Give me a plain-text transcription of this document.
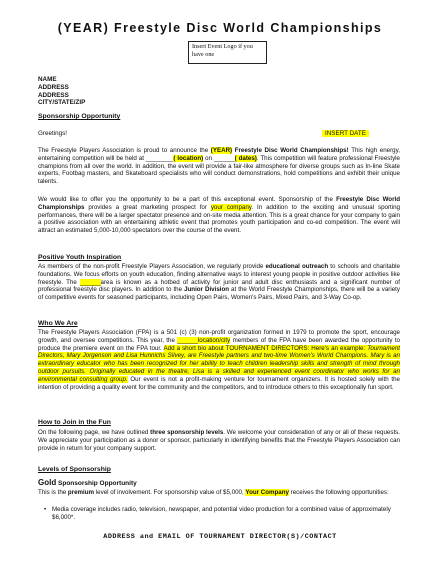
(YEAR) Freestyle Disc World Championships
Insert Event Logo if you have one
NAME
ADDRESS
ADDRESS
CITY/STATE/ZIP
Sponsorship Opportunity
Greetings!	INSERT DATE
The Freestyle Players Association is proud to announce the (YEAR) Freestyle Disc World Championships! This high energy, entertaining competition will be held at ________( location) on ______( dates). This competition will feature professional Freestyle champions from all over the world. In addition, the event will provide a fair-like atmosphere for diverse groups such as In-line Skate experts, Footbag masters, and Skateboard specialists who will conduct demonstrations, hold competitions and exhibit their unique talents.
We would like to offer you the opportunity to be a part of this exceptional event. Sponsorship of the Freestyle Disc World Championships provides a great marketing prospect for your company. In addition to the exciting and unusual sporting performances, there will be a larger spectator presence and on-site media attention. This is a great chance for your company to gain a positive association with an entertaining athletic event that promotes youth participation and co-ed competition. The event will attract an estimated 5,000-10,000 spectators over the course of the event.
Positive Youth Inspiration
As members of the non-profit Freestyle Players Association, we regularly provide educational outreach to schools and charitable foundations. We focus efforts on youth education, finding alternative ways to interest young people in positive outdoor activities like freestyle. The ______area is known as a hotbed of activity for junior and adult disc enthusiasts and a significant number of professional freestyle disc players. In addition to the Junior Division at the World Freestyle Championships, there will be a variety of competitive events for seasoned participants, including Open Pairs, Women's Pairs, Mixed Pairs, and 3-Way Co-op.
Who We Are
The Freestyle Players Association (FPA) is a 501 (c) (3) non-profit organization formed in 1979 to promote the sport, encourage growth, and oversee competitions. This year, the ______location/city members of the FPA have been awarded the opportunity to produce the premiere event on the FPA tour. Add a short bio about TOURNAMENT DIRECTORS: Here's an example: Tournament Directors, Mary Jorgenson and Lisa Hunnichs Silvey, are Freestyle partners and two-time Women's World Champions. Mary is an extraordinary educator who has been recognized for her ability to teach children leadership skills and strength of mind through outdoor pursuits. Originally educated in the theatre, Lisa is a skilled and experienced event coordinator who works for an environmental consulting group. Our event is not a profit-making venture for tournament organizers. It is hosted solely with the intention of providing a quality event for the community and the competitors, and to introduce others to this exceptionally fun sport.
How to Join in the Fun
On the following page, we have outlined three sponsorship levels. We welcome your consideration of any or all of these requests. We appreciate your participation as a donor or sponsor, particularly in identifying benefits that the Freestyle Players Association can provide in return for your company support.
Levels of Sponsorship
Gold Sponsorship Opportunity
This is the premium level of involvement. For sponsorship value of $5,000, Your Company receives the following opportunities:
• Media coverage includes radio, television, newspaper, and potential video production for a combined value of approximately $6,000*.
ADDRESS and EMAIL OF TOURNAMENT DIRECTOR(S)/CONTACT
